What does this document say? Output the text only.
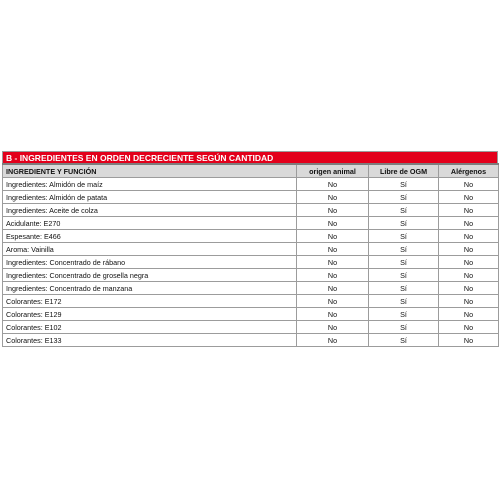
B - INGREDIENTES EN ORDEN DECRECIENTE SEGÚN CANTIDAD
INGREDIENTE Y FUNCIÓN	origen animal	Libre de OGM	Alérgenos
Ingredientes: Almidón de maíz	No	Sí	No
Ingredientes: Almidón de patata	No	Sí	No
Ingredientes: Aceite de colza	No	Sí	No
Acidulante: E270	No	Sí	No
Espesante: E466	No	Sí	No
Aroma: Vainilla	No	Sí	No
Ingredientes: Concentrado de rábano	No	Sí	No
Ingredientes: Concentrado de grosella negra	No	Sí	No
Ingredientes: Concentrado de manzana	No	Sí	No
Colorantes: E172	No	Sí	No
Colorantes: E129	No	Sí	No
Colorantes: E102	No	Sí	No
Colorantes: E133	No	Sí	No
